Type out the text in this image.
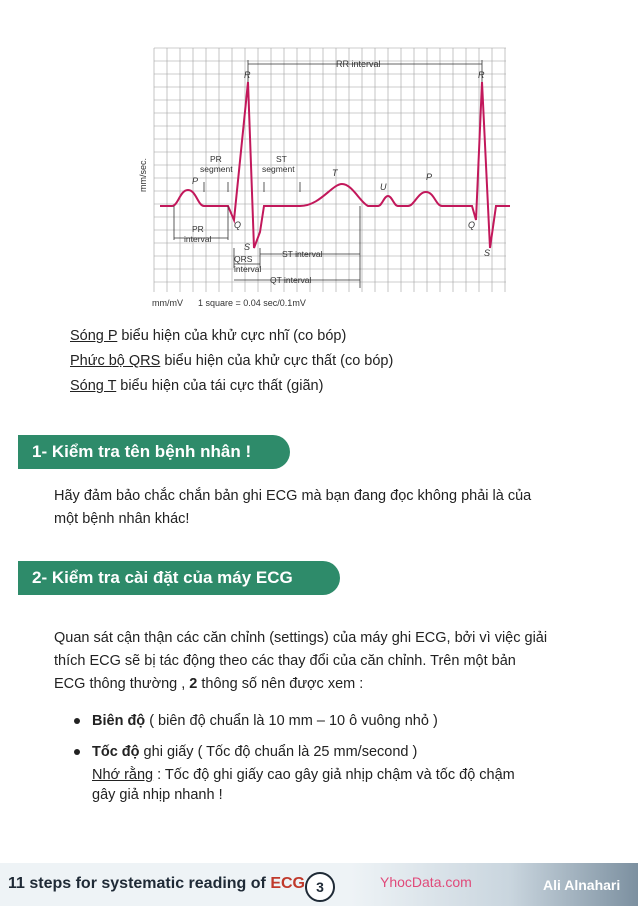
mm/sec.
RR interval
R	R
PR
segment
ST
segment
P
T
U
P
Q	Q
S
S
PR
interval
QRS
interval
ST interval
QT interval
mm/mV 1 square = 0.04 sec/0.1mV
Sóng P biểu hiện của khử cực nhĩ (co bóp)
Phức bộ QRS biểu hiện của khử cực thất (co bóp)
Sóng T biểu hiện của tái cực thất (giãn)
1- Kiểm tra tên bệnh nhân !
Hãy đảm bảo chắc chắn bản ghi ECG mà bạn đang đọc không phải là của
một bệnh nhân khác!
2- Kiểm tra cài đặt của máy ECG
Quan sát cận thận các căn chỉnh (settings) của máy ghi ECG, bởi vì việc giải
thích ECG sẽ bị tác động theo các thay đổi của căn chỉnh. Trên một bản
ECG thông thường , 2 thông số nên được xem :
Biên độ ( biên độ chuẩn là 10 mm – 10 ô vuông nhỏ )
Tốc độ ghi giấy ( Tốc độ chuẩn là 25 mm/second )
Nhớ rằng : Tốc độ ghi giấy cao gây giả nhịp chậm và tốc độ chậm
gây giả nhịp nhanh !
11 steps for systematic reading of ECG 3	YhocData.com	Ali Alnahari
